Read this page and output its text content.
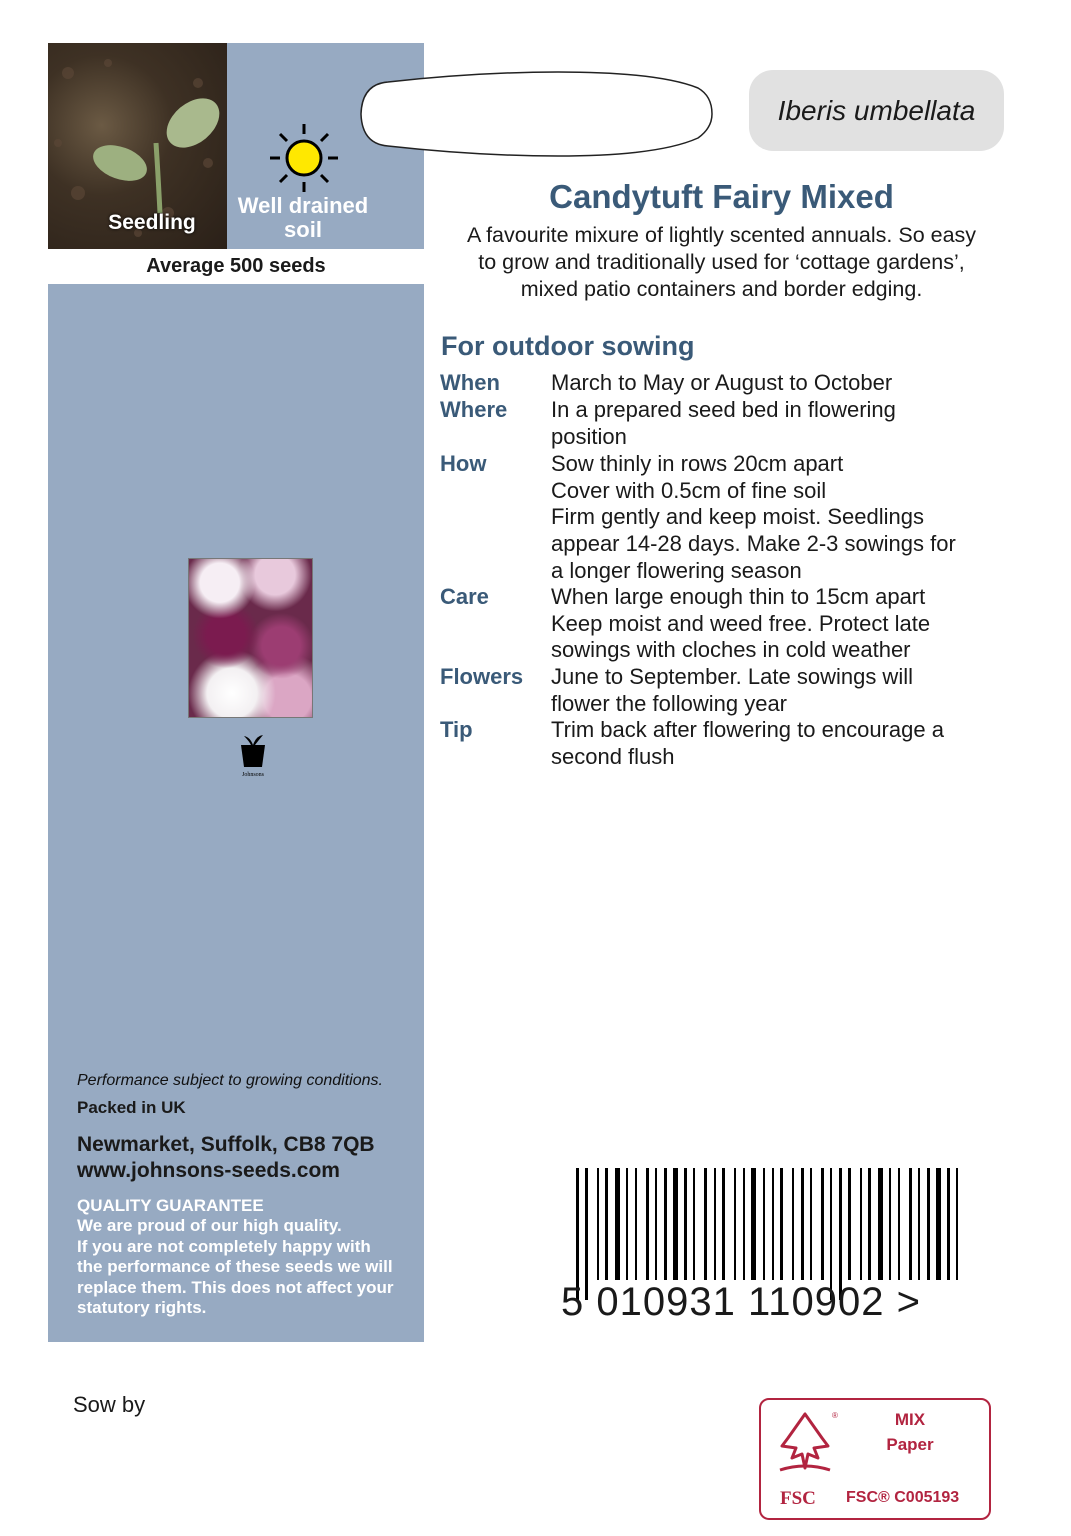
Seedling
Well drained
soil
Average 500 seeds
Johnsons
Performance subject to growing conditions.
Packed in UK
Newmarket, Suffolk, CB8 7QB
www.johnsons-seeds.com
QUALITY GUARANTEE
We are proud of our high quality.
If you are not completely happy with
the performance of these seeds we will
replace them. This does not affect your
statutory rights.
Sow by
Iberis umbellata
Candytuft Fairy Mixed
A favourite mixure of lightly scented annuals. So easy
to grow and traditionally used for ‘cottage gardens’,
mixed patio containers and border edging.
For outdoor sowing
When March to May or August to October
Where In a prepared seed bed in flowering
position
How	Sow thinly in rows 20cm apart
Cover with 0.5cm of fine soil
Firm gently and keep moist. Seedlings
appear 14-28 days. Make 2-3 sowings for
a longer flowering season
Care	When large enough thin to 15cm apart
Keep moist and weed free. Protect late
sowings with cloches in cold weather
Flowers June to September. Late sowings will
flower the following year
Tip	Trim back after flowering to encourage a
second flush
5 010931 110902 >
®
FSC
MIX
Paper
FSC® C005193
